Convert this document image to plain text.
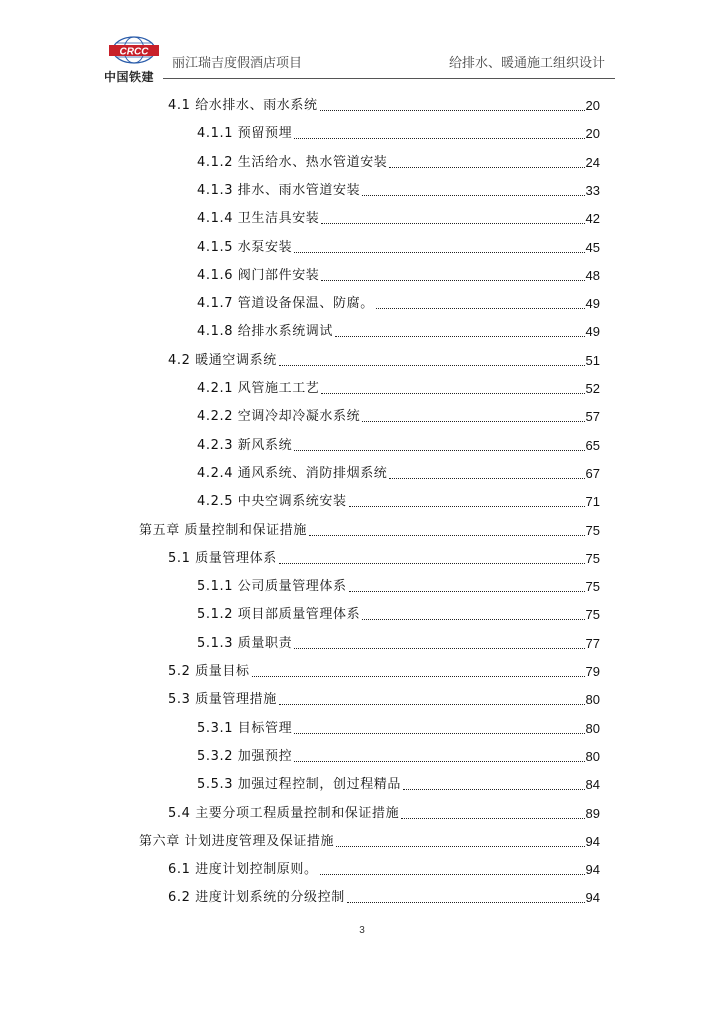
CRCC
中国铁建
丽江瑞吉度假酒店项目	给排水、暖通施工组织设计
4.1 给水排水、雨水系统	20
4.1.1 预留预埋	20
4.1.2 生活给水、热水管道安装	24
4.1.3 排水、雨水管道安装	33
4.1.4 卫生洁具安装	42
4.1.5 水泵安装	45
4.1.6 阀门部件安装	48
4.1.7 管道设备保温、防腐。	49
4.1.8 给排水系统调试	49
4.2 暖通空调系统	51
4.2.1 风管施工工艺	52
4.2.2 空调冷却冷凝水系统	57
4.2.3 新风系统	65
4.2.4 通风系统、消防排烟系统	67
4.2.5 中央空调系统安装	71
第五章 质量控制和保证措施	75
5.1 质量管理体系	75
5.1.1 公司质量管理体系	75
5.1.2 项目部质量管理体系	75
5.1.3 质量职责	77
5.2 质量目标	79
5.3 质量管理措施	80
5.3.1 目标管理	80
5.3.2 加强预控	80
5.5.3 加强过程控制，创过程精品	84
5.4 主要分项工程质量控制和保证措施	89
第六章 计划进度管理及保证措施	94
6.1 进度计划控制原则。	94
6.2 进度计划系统的分级控制	94
3
